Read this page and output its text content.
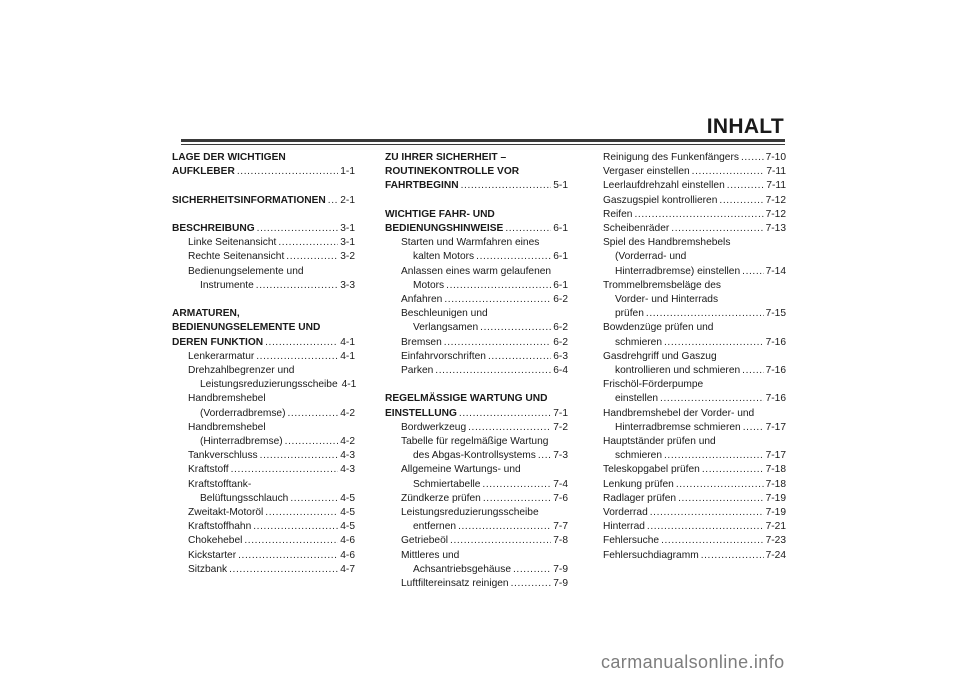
INHALT
LAGE DER WICHTIGEN
AUFKLEBER .....	1-1
SICHERHEITSINFORMATIONEN ..... 2-1
BESCHREIBUNG .....	3-1
Linke Seitenansicht .....	3-1
Rechte Seitenansicht .....	3-2
Bedienungselemente und
Instrumente .....	3-3
ARMATUREN,
BEDIENUNGSELEMENTE UND
DEREN FUNKTION .....	4-1
Lenkerarmatur .....	4-1
Drehzahlbegrenzer und
Leistungsreduzierungsscheibe 4-1
Handbremshebel
(Vorderradbremse) .....	4-2
Handbremshebel
(Hinterradbremse) .....	4-2
Tankverschluss .....	4-3
Kraftstoff .....	4-3
Kraftstofftank-
Belüftungsschlauch .....	4-5
Zweitakt-Motoröl .....	4-5
Kraftstoffhahn .....	4-5
Chokehebel .....	4-6
Kickstarter .....	4-6
Sitzbank .....	4-7
ZU IHRER SICHERHEIT –
ROUTINEKONTROLLE VOR
FAHRTBEGINN .....	5-1
WICHTIGE FAHR- UND
BEDIENUNGSHINWEISE .....	6-1
Starten und Warmfahren eines
kalten Motors .....	6-1
Anlassen eines warm gelaufenen
Motors .....	6-1
Anfahren .....	6-2
Beschleunigen und
Verlangsamen .....	6-2
Bremsen .....	6-2
Einfahrvorschriften .....	6-3
Parken .....	6-4
REGELMÄSSIGE WARTUNG UND
EINSTELLUNG .....	7-1
Bordwerkzeug .....	7-2
Tabelle für regelmäßige Wartung
des Abgas-Kontrollsystems ..... 7-3
Allgemeine Wartungs- und
Schmiertabelle .....	7-4
Zündkerze prüfen .....	7-6
Leistungsreduzierungsscheibe
entfernen .....	7-7
Getriebeöl .....	7-8
Mittleres und
Achsantriebsgehäuse .....	7-9
Luftfiltereinsatz reinigen .....	7-9
Reinigung des Funkenfängers .....	7-10
Vergaser einstellen .....	7-11
Leerlaufdrehzahl einstellen .....	7-11
Gaszugspiel kontrollieren .....	7-12
Reifen .....	7-12
Scheibenräder .....	7-13
Spiel des Handbremshebels
(Vorderrad- und
Hinterradbremse) einstellen ..... 7-14
Trommelbremsbeläge des
Vorder- und Hinterrads
prüfen .....	7-15
Bowdenzüge prüfen und
schmieren .....	7-16
Gasdrehgriff und Gaszug
kontrollieren und schmieren ..... 7-16
Frischöl-Förderpumpe
einstellen .....	7-16
Handbremshebel der Vorder- und
Hinterradbremse schmieren ..... 7-17
Hauptständer prüfen und
schmieren .....	7-17
Teleskopgabel prüfen .....	7-18
Lenkung prüfen .....	7-18
Radlager prüfen .....	7-19
Vorderrad .....	7-19
Hinterrad .....	7-21
Fehlersuche .....	7-23
Fehlersuchdiagramm .....	7-24
carmanualsonline.info
